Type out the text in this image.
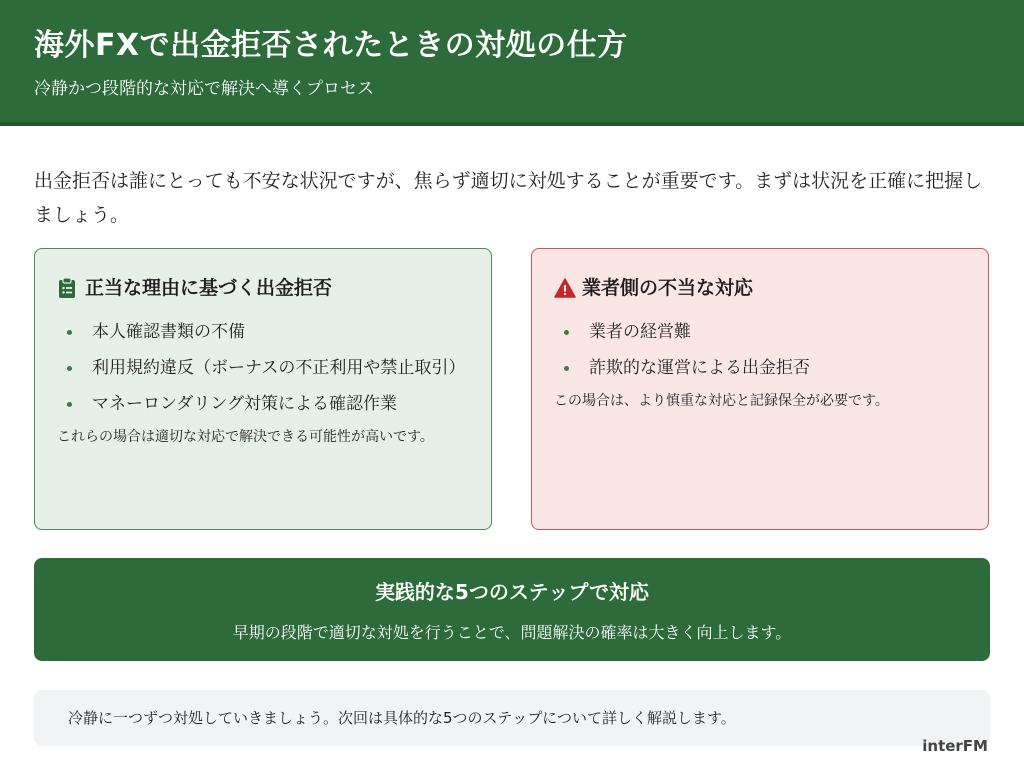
海外FXで出金拒否されたときの対処の仕方
冷静かつ段階的な対応で解決へ導くプロセス

出金拒否は誰にとっても不安な状況ですが、焦らず適切に対処することが重要です。まずは状況を正確に把握しましょう。

正当な理由に基づく出金拒否
本人確認書類の不備
利用規約違反（ボーナスの不正利用や禁止取引）
マネーロンダリング対策による確認作業

これらの場合は適切な対応で解決できる可能性が高いです。

業者側の不当な対応
業者の経営難
詐欺的な運営による出金拒否

この場合は、より慎重な対応と記録保全が必要です。

実践的な5つのステップで対応
早期の段階で適切な対処を行うことで、問題解決の確率は大きく向上します。
冷静に一つずつ対処していきましょう。次回は具体的な5つのステップについて詳しく解説します。
interFM
